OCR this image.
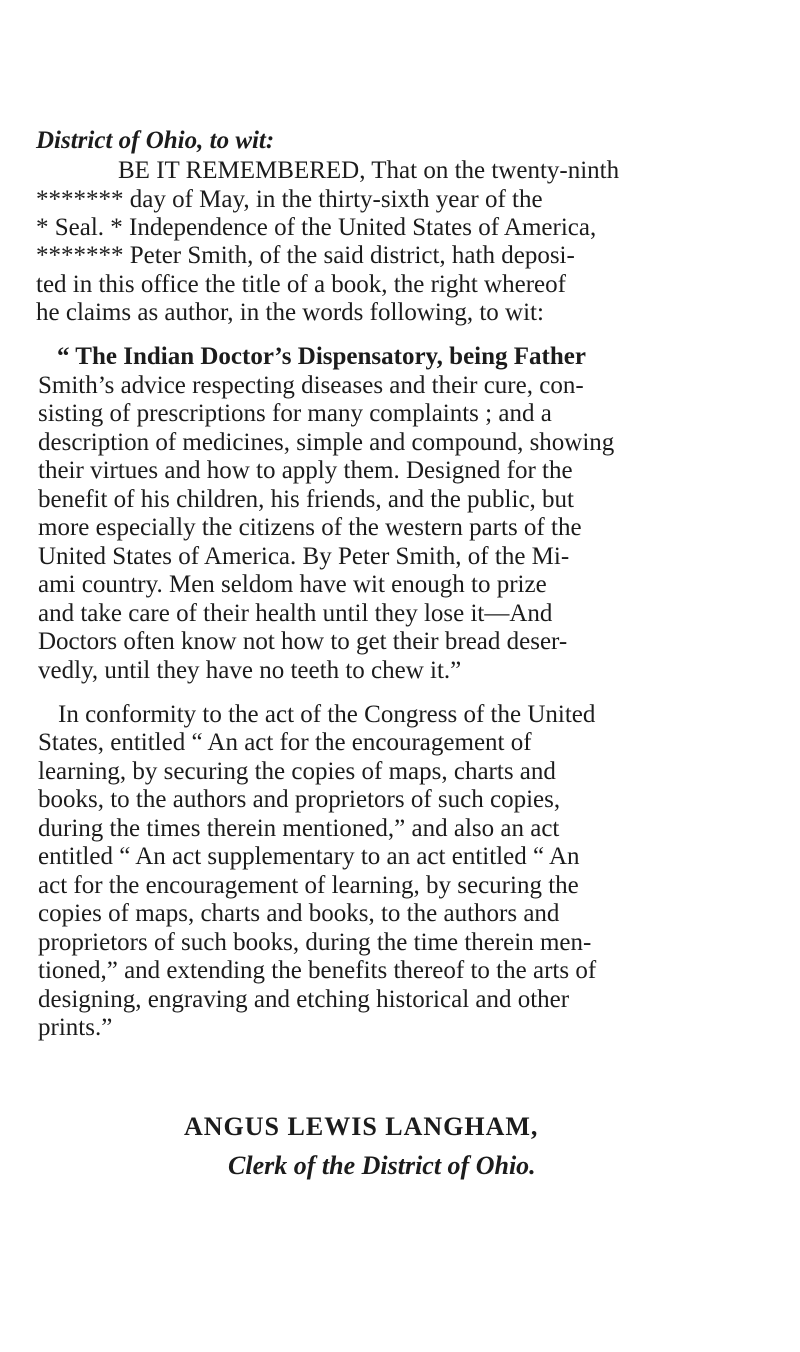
District of Ohio, to wit:
BE IT REMEMBERED, That on the twenty-ninth
******* day of May, in the thirty-sixth year of the
* Seal. * Independence of the United States of America,
******* Peter Smith, of the said district, hath deposi-
ted in this office the title of a book, the right whereof
he claims as author, in the words following, to wit:
“ The Indian Doctor’s Dispensatory, being Father
Smith’s advice respecting diseases and their cure, con-
sisting of prescriptions for many complaints ; and a
description of medicines, simple and compound, showing
their virtues and how to apply them. Designed for the
benefit of his children, his friends, and the public, but
more especially the citizens of the western parts of the
United States of America. By Peter Smith, of the Mi-
ami country. Men seldom have wit enough to prize
and take care of their health until they lose it—And
Doctors often know not how to get their bread deser-
vedly, until they have no teeth to chew it.”
In conformity to the act of the Congress of the United
States, entitled “ An act for the encouragement of
learning, by securing the copies of maps, charts and
books, to the authors and proprietors of such copies,
during the times therein mentioned,” and also an act
entitled “ An act supplementary to an act entitled “ An
act for the encouragement of learning, by securing the
copies of maps, charts and books, to the authors and
proprietors of such books, during the time therein men-
tioned,” and extending the benefits thereof to the arts of
designing, engraving and etching historical and other
prints.”
ANGUS LEWIS LANGHAM,
Clerk of the District of Ohio.
